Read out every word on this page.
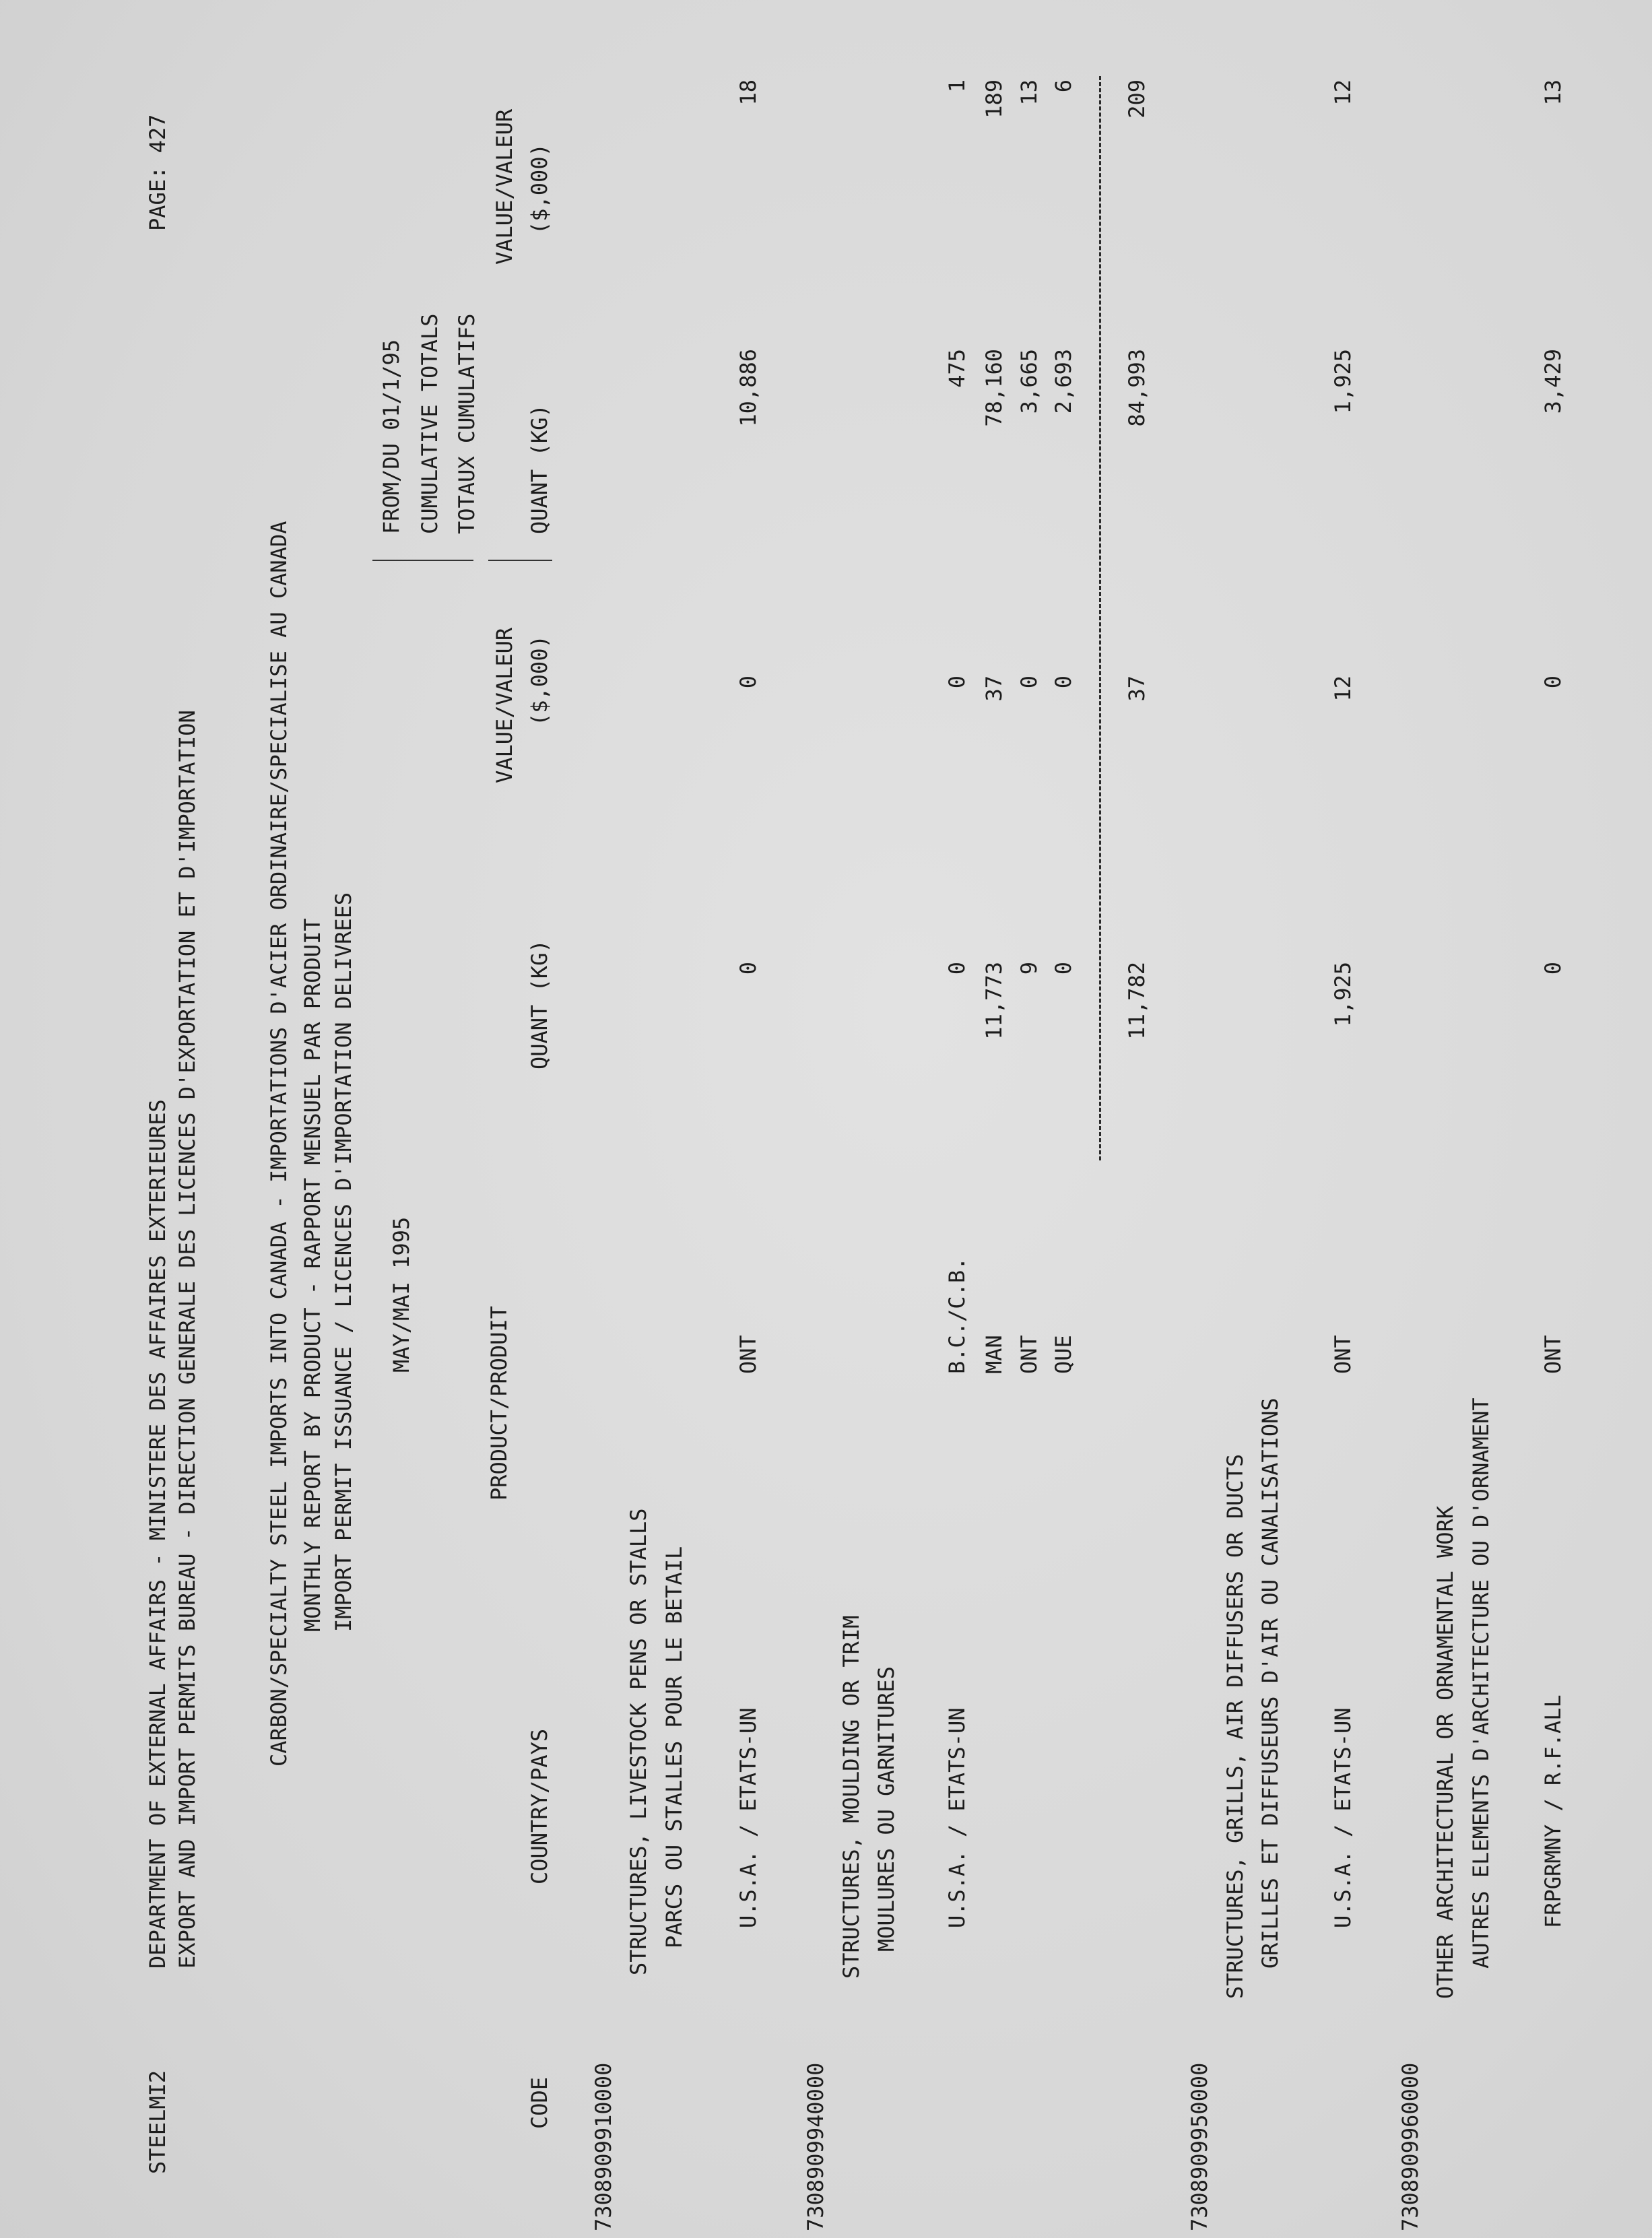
STEELMI2
DEPARTMENT OF EXTERNAL AFFAIRS - MINISTERE DES AFFAIRES EXTERIEURES
PAGE: 427
EXPORT AND IMPORT PERMITS BUREAU - DIRECTION GENERALE DES LICENCES D'EXPORTATION ET D'IMPORTATION	CARBON/SPECIALTY STEEL IMPORTS INTO CANADA - IMPORTATIONS D'ACIER ORDINAIRE/SPECIALISE AU CANADA MONTHLY REPORT BY PRODUCT - RAPPORT MENSUEL PAR PRODUIT IMPORT PERMIT ISSUANCE / LICENCES D'IMPORTATION DELIVREES MAY/MAI 1995
FROM/DU 01/1/95 CUMULATIVE TOTALS TOTAUX CUMULATIFS
PRODUCT/PRODUIT
VALUE/VALEUR
VALUE/VALEUR
CODE
COUNTRY/PAYS
QUANT (KG)
($,000)
QUANT (KG)
($,000)
7308909910000
STRUCTURES, LIVESTOCK PENS OR STALLS PARCS OU STALLES POUR LE BETAIL U.S.A. / ETATS-UN
ONT
0
0
10,886
18
7308909940000
STRUCTURES, MOULDING OR TRIM MOULURES OU GARNITURES U.S.A. / ETATS-UN
B.C./C.B.
0
0
475
1
MAN
11,773
37
78,160
189
ONT
9
0
3,665
13
QUE
0
0
2,693
6
11,782
37
84,993
209
7308909950000
STRUCTURES, GRILLS, AIR DIFFUSERS OR DUCTS GRILLES ET DIFFUSEURS D'AIR OU CANALISATIONS U.S.A. / ETATS-UN
ONT
1,925
12
1,925
12
7308909960000
OTHER ARCHITECTURAL OR ORNAMENTAL WORK AUTRES ELEMENTS D'ARCHITECTURE OU D'ORNAMENT FRPGRMNY / R.F.ALL
ONT
0
0
3,429
13
